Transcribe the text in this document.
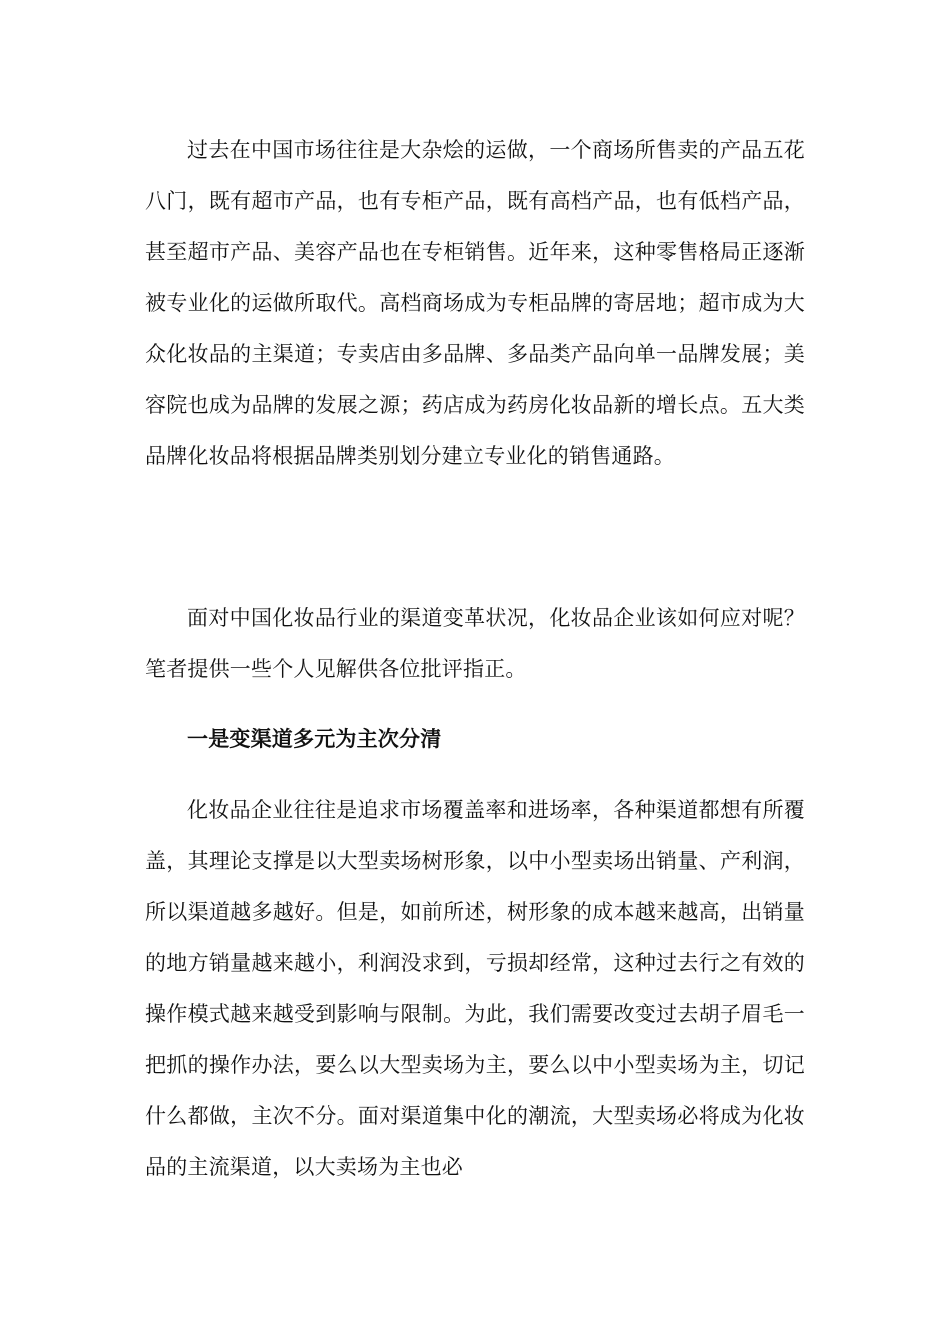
过去在中国市场往往是大杂烩的运做，一个商场所售卖的产品五花八门，既有超市产品，也有专柜产品，既有高档产品，也有低档产品，甚至超市产品、美容产品也在专柜销售。近年来，这种零售格局正逐渐被专业化的运做所取代。高档商场成为专柜品牌的寄居地；超市成为大众化妆品的主渠道；专卖店由多品牌、多品类产品向单一品牌发展；美容院也成为品牌的发展之源；药店成为药房化妆品新的增长点。五大类品牌化妆品将根据品牌类别划分建立专业化的销售通路。

面对中国化妆品行业的渠道变革状况，化妆品企业该如何应对呢？笔者提供一些个人见解供各位批评指正。

一是变渠道多元为主次分清

化妆品企业往往是追求市场覆盖率和进场率，各种渠道都想有所覆盖，其理论支撑是以大型卖场树形象，以中小型卖场出销量、产利润，所以渠道越多越好。但是，如前所述，树形象的成本越来越高，出销量的地方销量越来越小，利润没求到，亏损却经常，这种过去行之有效的操作模式越来越受到影响与限制。为此，我们需要改变过去胡子眉毛一把抓的操作办法，要么以大型卖场为主，要么以中小型卖场为主，切记什么都做，主次不分。面对渠道集中化的潮流，大型卖场必将成为化妆品的主流渠道，以大卖场为主也必
